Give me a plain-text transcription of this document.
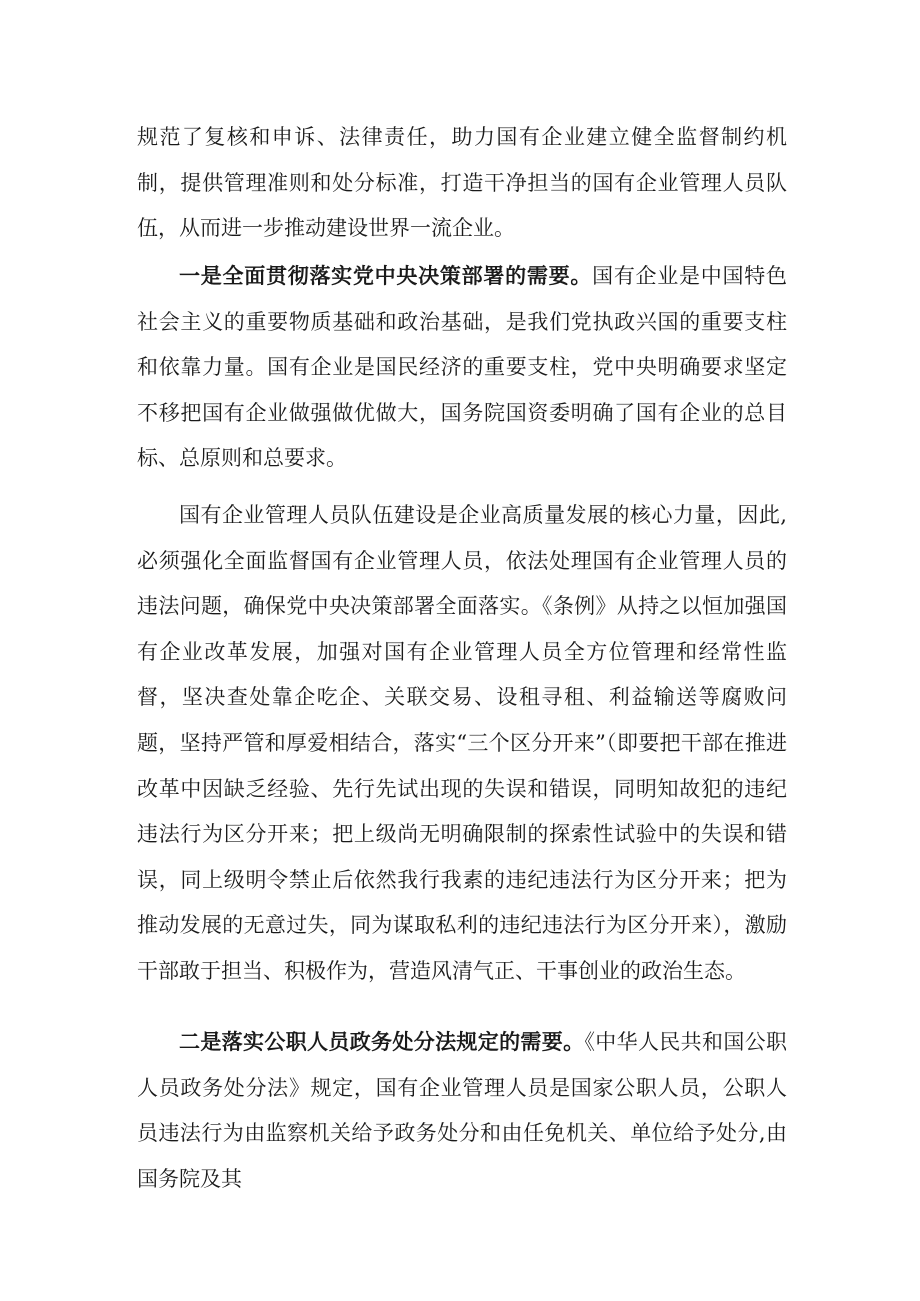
规范了复核和申诉、法律责任，助力国有企业建立健全监督制约机制，提供管理准则和处分标准，打造干净担当的国有企业管理人员队伍，从而进一步推动建设世界一流企业。

一是全面贯彻落实党中央决策部署的需要。国有企业是中国特色社会主义的重要物质基础和政治基础，是我们党执政兴国的重要支柱和依靠力量。国有企业是国民经济的重要支柱，党中央明确要求坚定不移把国有企业做强做优做大，国务院国资委明确了国有企业的总目标、总原则和总要求。

国有企业管理人员队伍建设是企业高质量发展的核心力量，因此,必须强化全面监督国有企业管理人员，依法处理国有企业管理人员的违法问题，确保党中央决策部署全面落实。《条例》从持之以恒加强国有企业改革发展，加强对国有企业管理人员全方位管理和经常性监督，坚决查处靠企吃企、关联交易、设租寻租、利益输送等腐败问题，坚持严管和厚爱相结合，落实“三个区分开来”（即要把干部在推进改革中因缺乏经验、先行先试出现的失误和错误，同明知故犯的违纪违法行为区分开来；把上级尚无明确限制的探索性试验中的失误和错误，同上级明令禁止后依然我行我素的违纪违法行为区分开来；把为推动发展的无意过失，同为谋取私利的违纪违法行为区分开来），激励干部敢于担当、积极作为，营造风清气正、干事创业的政治生态。

二是落实公职人员政务处分法规定的需要。《中华人民共和国公职人员政务处分法》规定，国有企业管理人员是国家公职人员，公职人员违法行为由监察机关给予政务处分和由任免机关、单位给予处分,由国务院及其
